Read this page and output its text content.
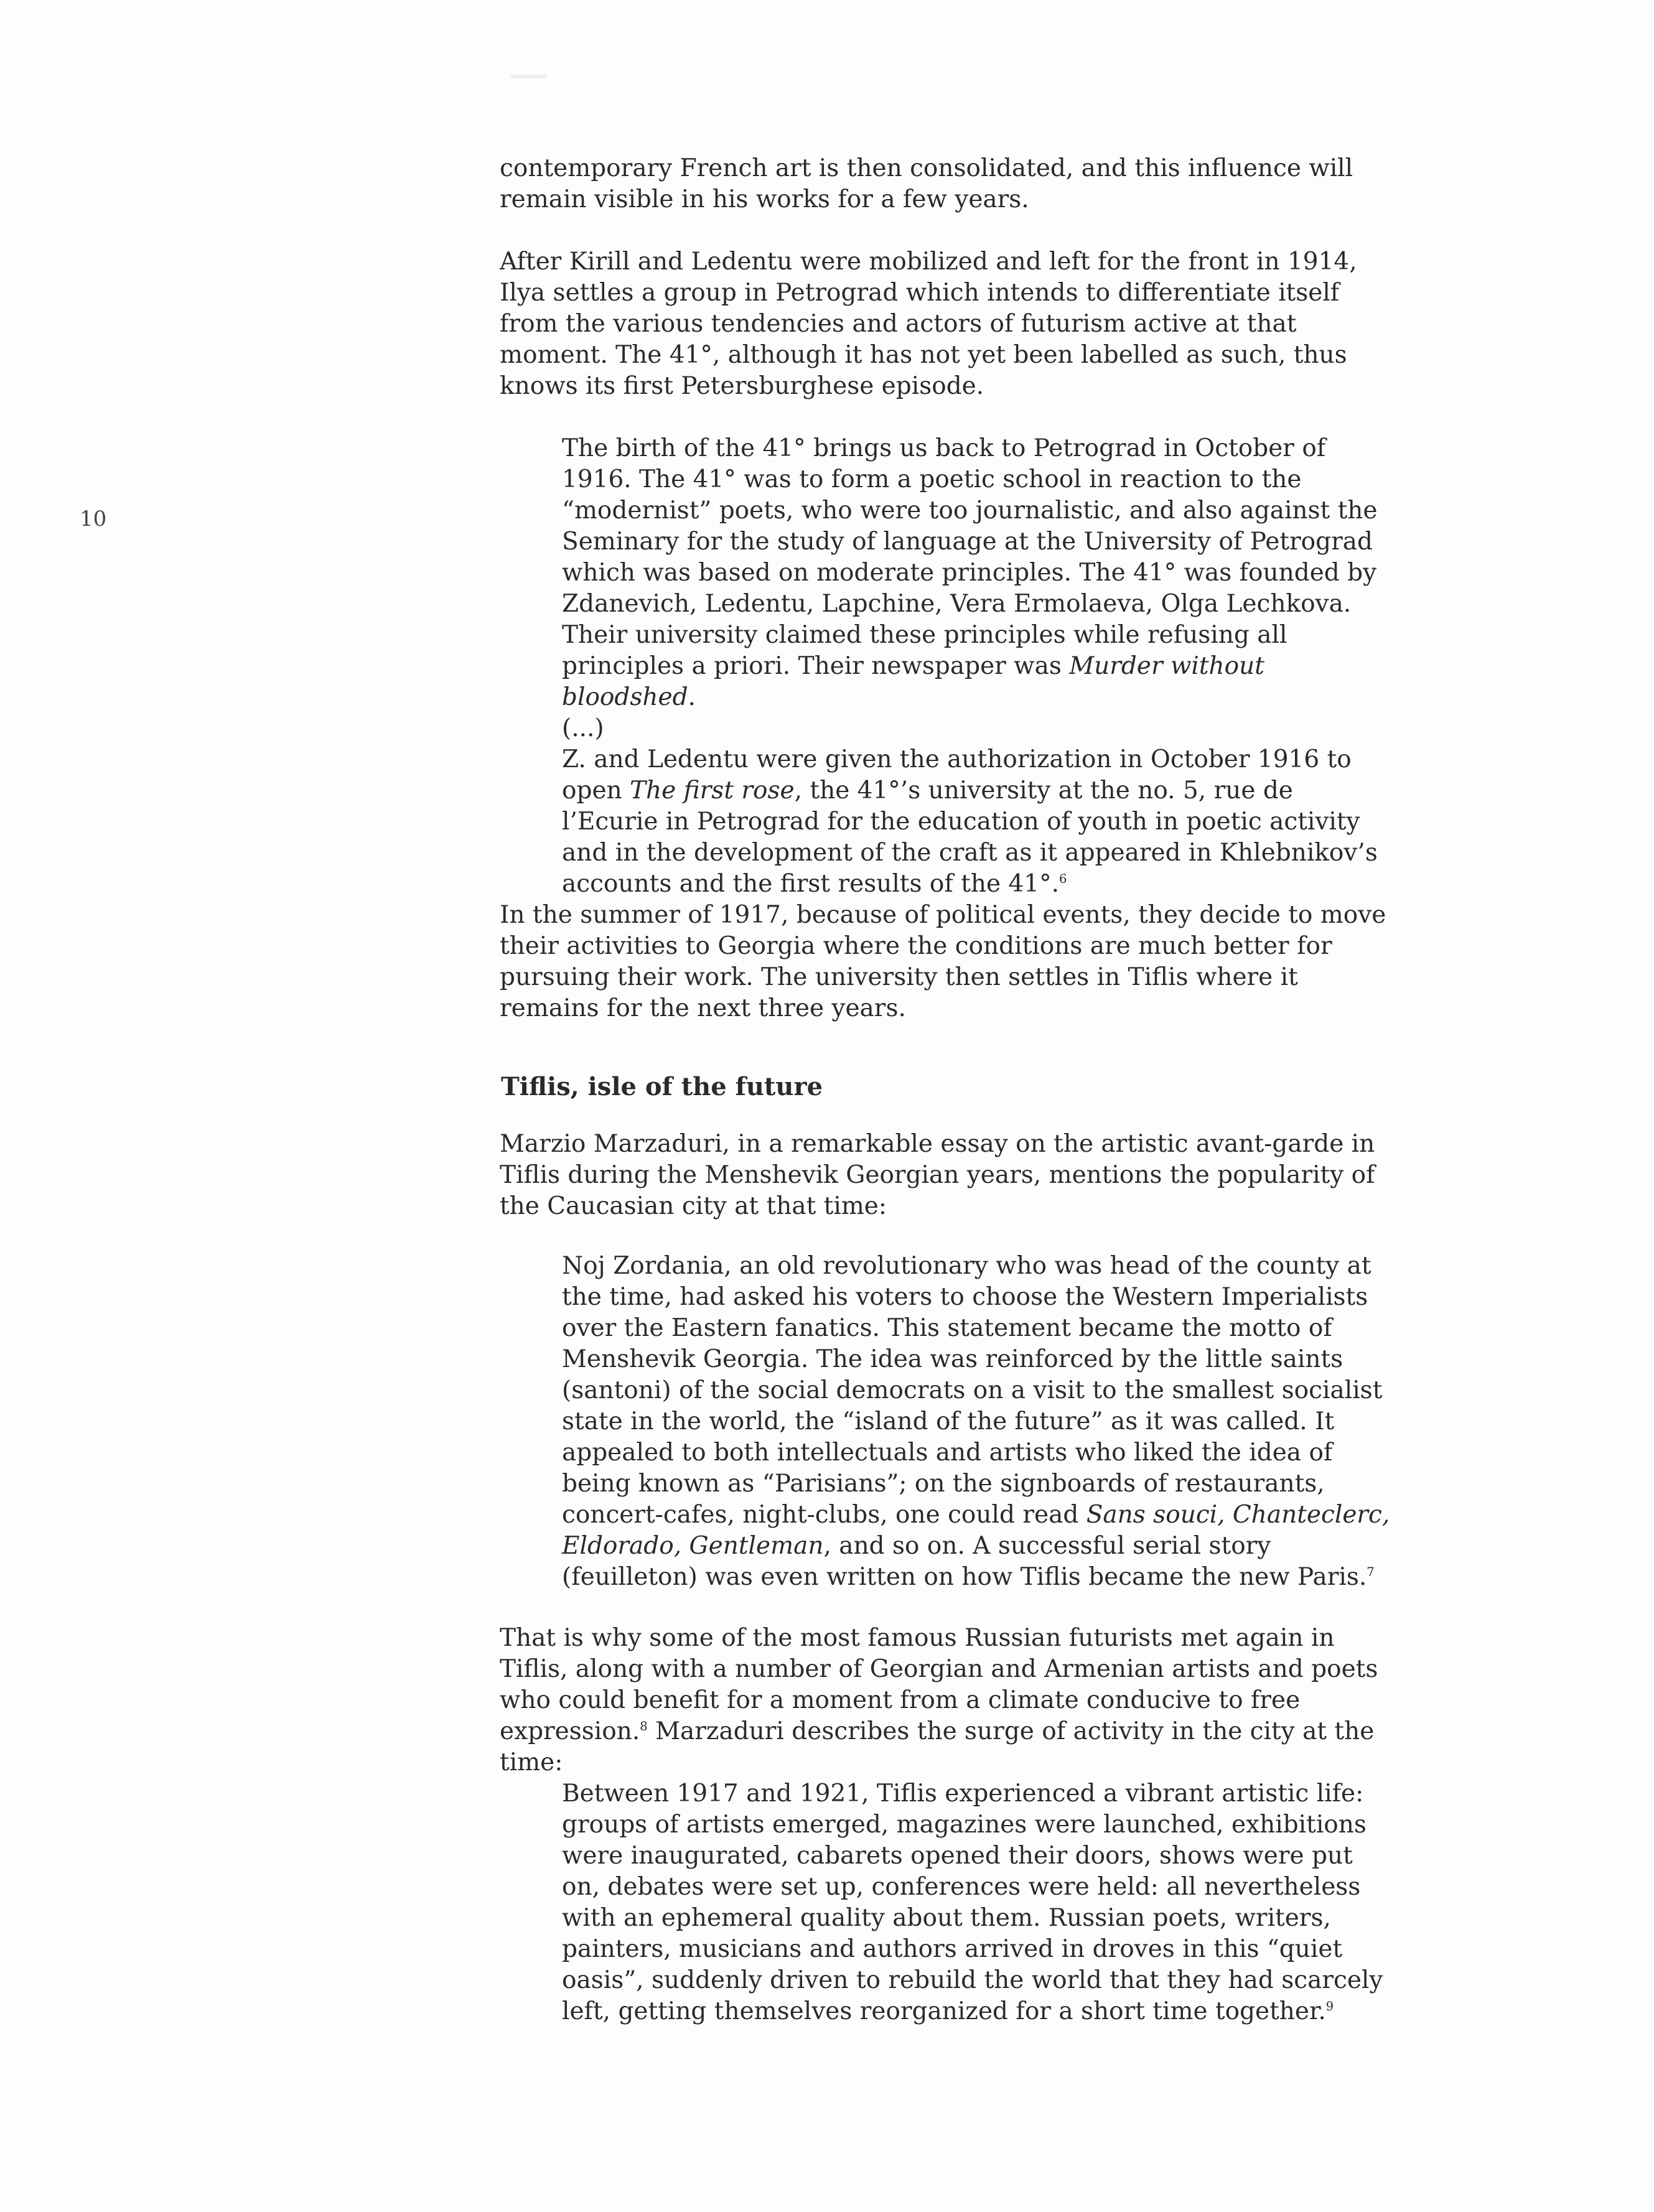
10

contemporary French art is then consolidated, and this influence will remain visible in his works for a few years.

After Kirill and Ledentu were mobilized and left for the front in 1914, Ilya settles a group in Petrograd which intends to differentiate itself from the various tendencies and actors of futurism active at that moment. The 41°, although it has not yet been labelled as such, thus knows its first Petersburghese episode.

The birth of the 41° brings us back to Petrograd in October of 1916. The 41° was to form a poetic school in reaction to the “modernist” poets, who were too journalistic, and also against the Seminary for the study of language at the University of Petrograd which was based on moderate principles. The 41° was founded by Zdanevich, Ledentu, Lapchine, Vera Ermolaeva, Olga Lechkova. Their university claimed these principles while refusing all principles a priori. Their newspaper was Murder without bloodshed.

(...)

Z. and Ledentu were given the authorization in October 1916 to open The first rose, the 41°’s university at the no. 5, rue de l’Ecurie in Petrograd for the education of youth in poetic activity and in the development of the craft as it appeared in Khlebnikov’s accounts and the first results of the 41°.$^6$

In the summer of 1917, because of political events, they decide to move their activities to Georgia where the conditions are much better for pursuing their work. The university then settles in Tiflis where it remains for the next three years.

Tiflis, isle of the future

Marzio Marzaduri, in a remarkable essay on the artistic avant-garde in Tiflis during the Menshevik Georgian years, mentions the popularity of the Caucasian city at that time:

Noj Zordania, an old revolutionary who was head of the county at the time, had asked his voters to choose the Western Imperialists over the Eastern fanatics. This statement became the motto of Menshevik Georgia. The idea was reinforced by the little saints (santoni) of the social democrats on a visit to the smallest socialist state in the world, the “island of the future” as it was called. It appealed to both intellectuals and artists who liked the idea of being known as “Parisians”; on the signboards of restaurants, concert-cafes, night-clubs, one could read Sans souci, Chanteclerc, Eldorado, Gentleman, and so on. A successful serial story (feuilleton) was even written on how Tiflis became the new Paris.$^7$

That is why some of the most famous Russian futurists met again in Tiflis, along with a number of Georgian and Armenian artists and poets who could benefit for a moment from a climate conducive to free expression.$^8$ Marzaduri describes the surge of activity in the city at the time:

Between 1917 and 1921, Tiflis experienced a vibrant artistic life: groups of artists emerged, magazines were launched, exhibitions were inaugurated, cabarets opened their doors, shows were put on, debates were set up, conferences were held: all nevertheless with an ephemeral quality about them. Russian poets, writers, painters, musicians and authors arrived in droves in this “quiet oasis”, suddenly driven to rebuild the world that they had scarcely left, getting themselves reorganized for a short time together.$^9$
